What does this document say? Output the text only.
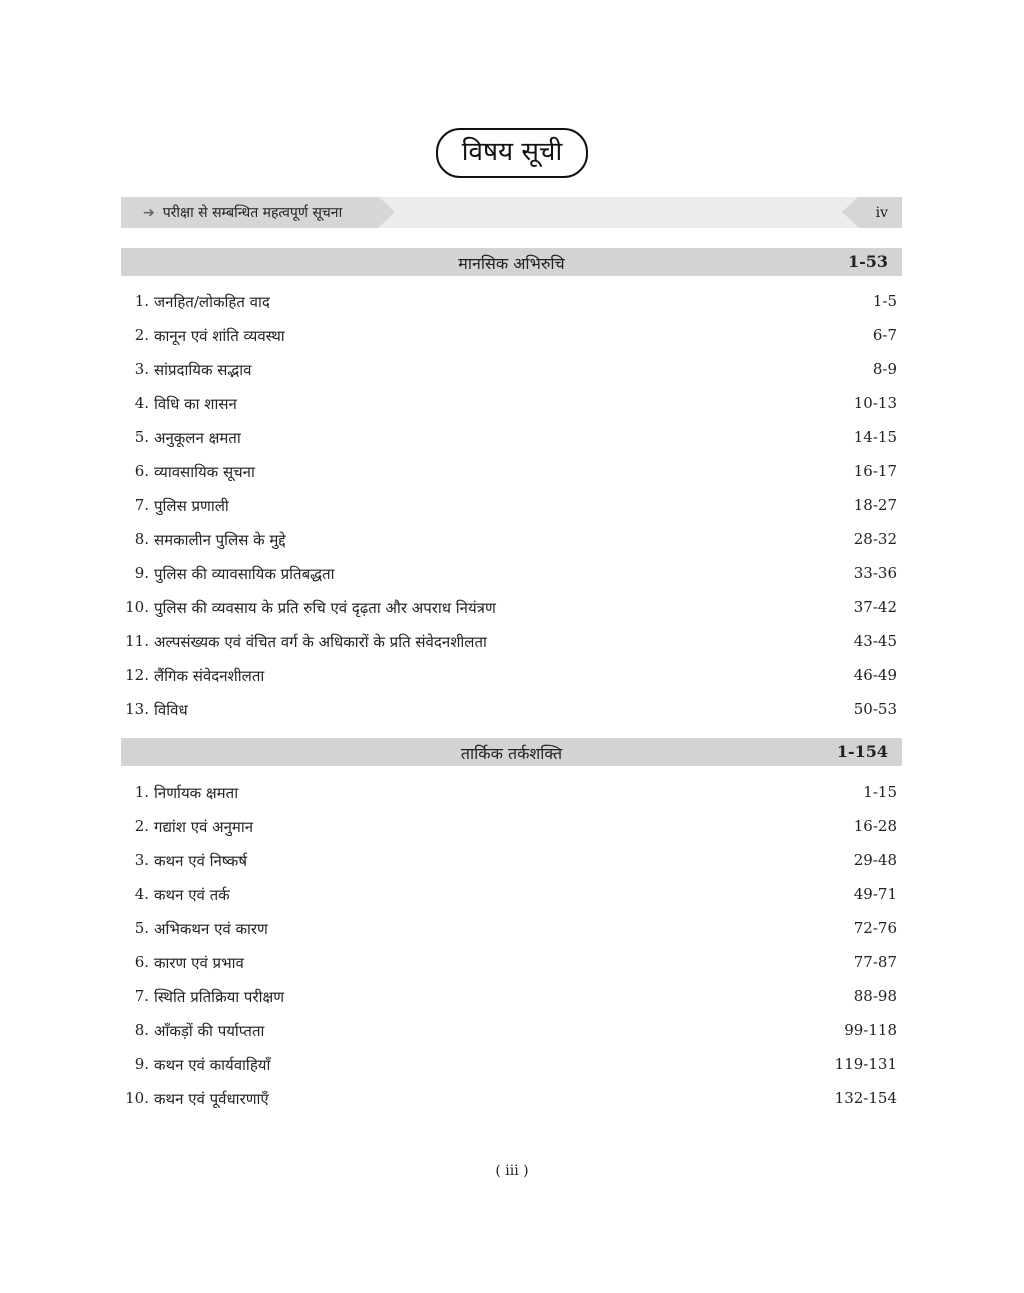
विषय सूची
➔ परीक्षा से सम्बन्धित महत्वपूर्ण सूचना	iv
मानसिक अभिरुचि	1-53
1. जनहित/लोकहित वाद	1-5
2. कानून एवं शांति व्यवस्था	6-7
3. सांप्रदायिक सद्भाव	8-9
4. विधि का शासन	10-13
5. अनुकूलन क्षमता	14-15
6. व्यावसायिक सूचना	16-17
7. पुलिस प्रणाली	18-27
8. समकालीन पुलिस के मुद्दे	28-32
9. पुलिस की व्यावसायिक प्रतिबद्धता	33-36
10. पुलिस की व्यवसाय के प्रति रुचि एवं दृढ़ता और अपराध नियंत्रण	37-42
11. अल्पसंख्यक एवं वंचित वर्ग के अधिकारों के प्रति संवेदनशीलता	43-45
12. लैंगिक संवेदनशीलता	46-49
13. विविध	50-53
तार्किक तर्कशक्ति	1-154
1. निर्णायक क्षमता	1-15
2. गद्यांश एवं अनुमान	16-28
3. कथन एवं निष्कर्ष	29-48
4. कथन एवं तर्क	49-71
5. अभिकथन एवं कारण	72-76
6. कारण एवं प्रभाव	77-87
7. स्थिति प्रतिक्रिया परीक्षण	88-98
8. आँकड़ों की पर्याप्तता	99-118
9. कथन एवं कार्यवाहियाँ	119-131
10. कथन एवं पूर्वधारणाएँ	132-154
( iii )
